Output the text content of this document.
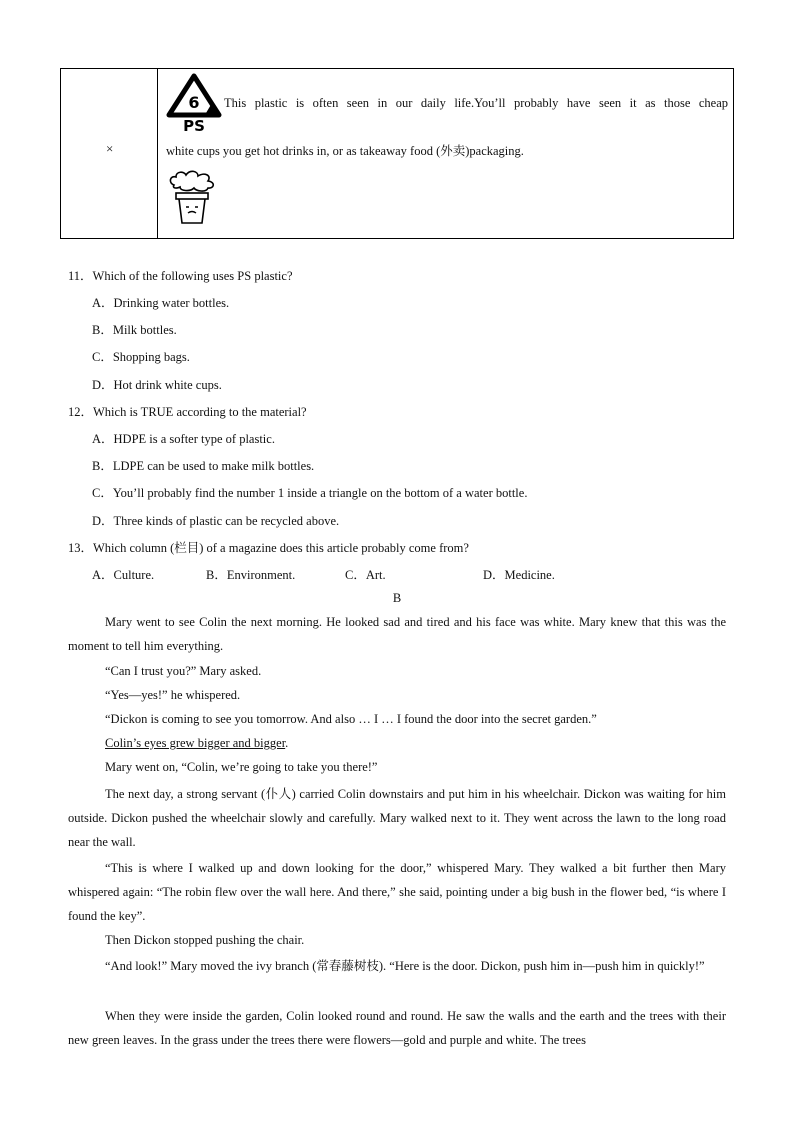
×
6
PS
This plastic is often seen in our daily life.You’ll probably have seen it as those cheap
white cups you get hot drinks in, or as takeaway food (外卖)packaging.
11．Which of the following uses PS plastic?
A．Drinking water bottles.
B．Milk bottles.
C．Shopping bags.
D．Hot drink white cups.
12．Which is TRUE according to the material?
A．HDPE is a softer type of plastic.
B．LDPE can be used to make milk bottles.
C．You’ll probably find the number 1 inside a triangle on the bottom of a water bottle.
D．Three kinds of plastic can be recycled above.
13．Which column (栏目) of a magazine does this article probably come from?
A．Culture.	B．Environment.	C．Art.	D．Medicine.
B
Mary went to see Colin the next morning. He looked sad and tired and his face was white. Mary knew that this was the moment to tell him everything.
“Can I trust you?” Mary asked.
“Yes—yes!” he whispered.
“Dickon is coming to see you tomorrow. And also … I … I found the door into the secret garden.”
Colin’s eyes grew bigger and bigger.
Mary went on, “Colin, we’re going to take you there!”
The next day, a strong servant (仆人) carried Colin downstairs and put him in his wheelchair. Dickon was waiting for him outside. Dickon pushed the wheelchair slowly and carefully. Mary walked next to it. They went across the lawn to the long road near the wall.
“This is where I walked up and down looking for the door,” whispered Mary. They walked a bit further then Mary whispered again: “The robin flew over the wall here. And there,” she said, pointing under a big bush in the flower bed, “is where I found the key”.
Then Dickon stopped pushing the chair.
“And look!” Mary moved the ivy branch (常春藤树枝). “Here is the door. Dickon, push him in—push him in quickly!”
When they were inside the garden, Colin looked round and round. He saw the walls and the earth and the trees with their new green leaves. In the grass under the trees there were flowers—gold and purple and white. The trees
